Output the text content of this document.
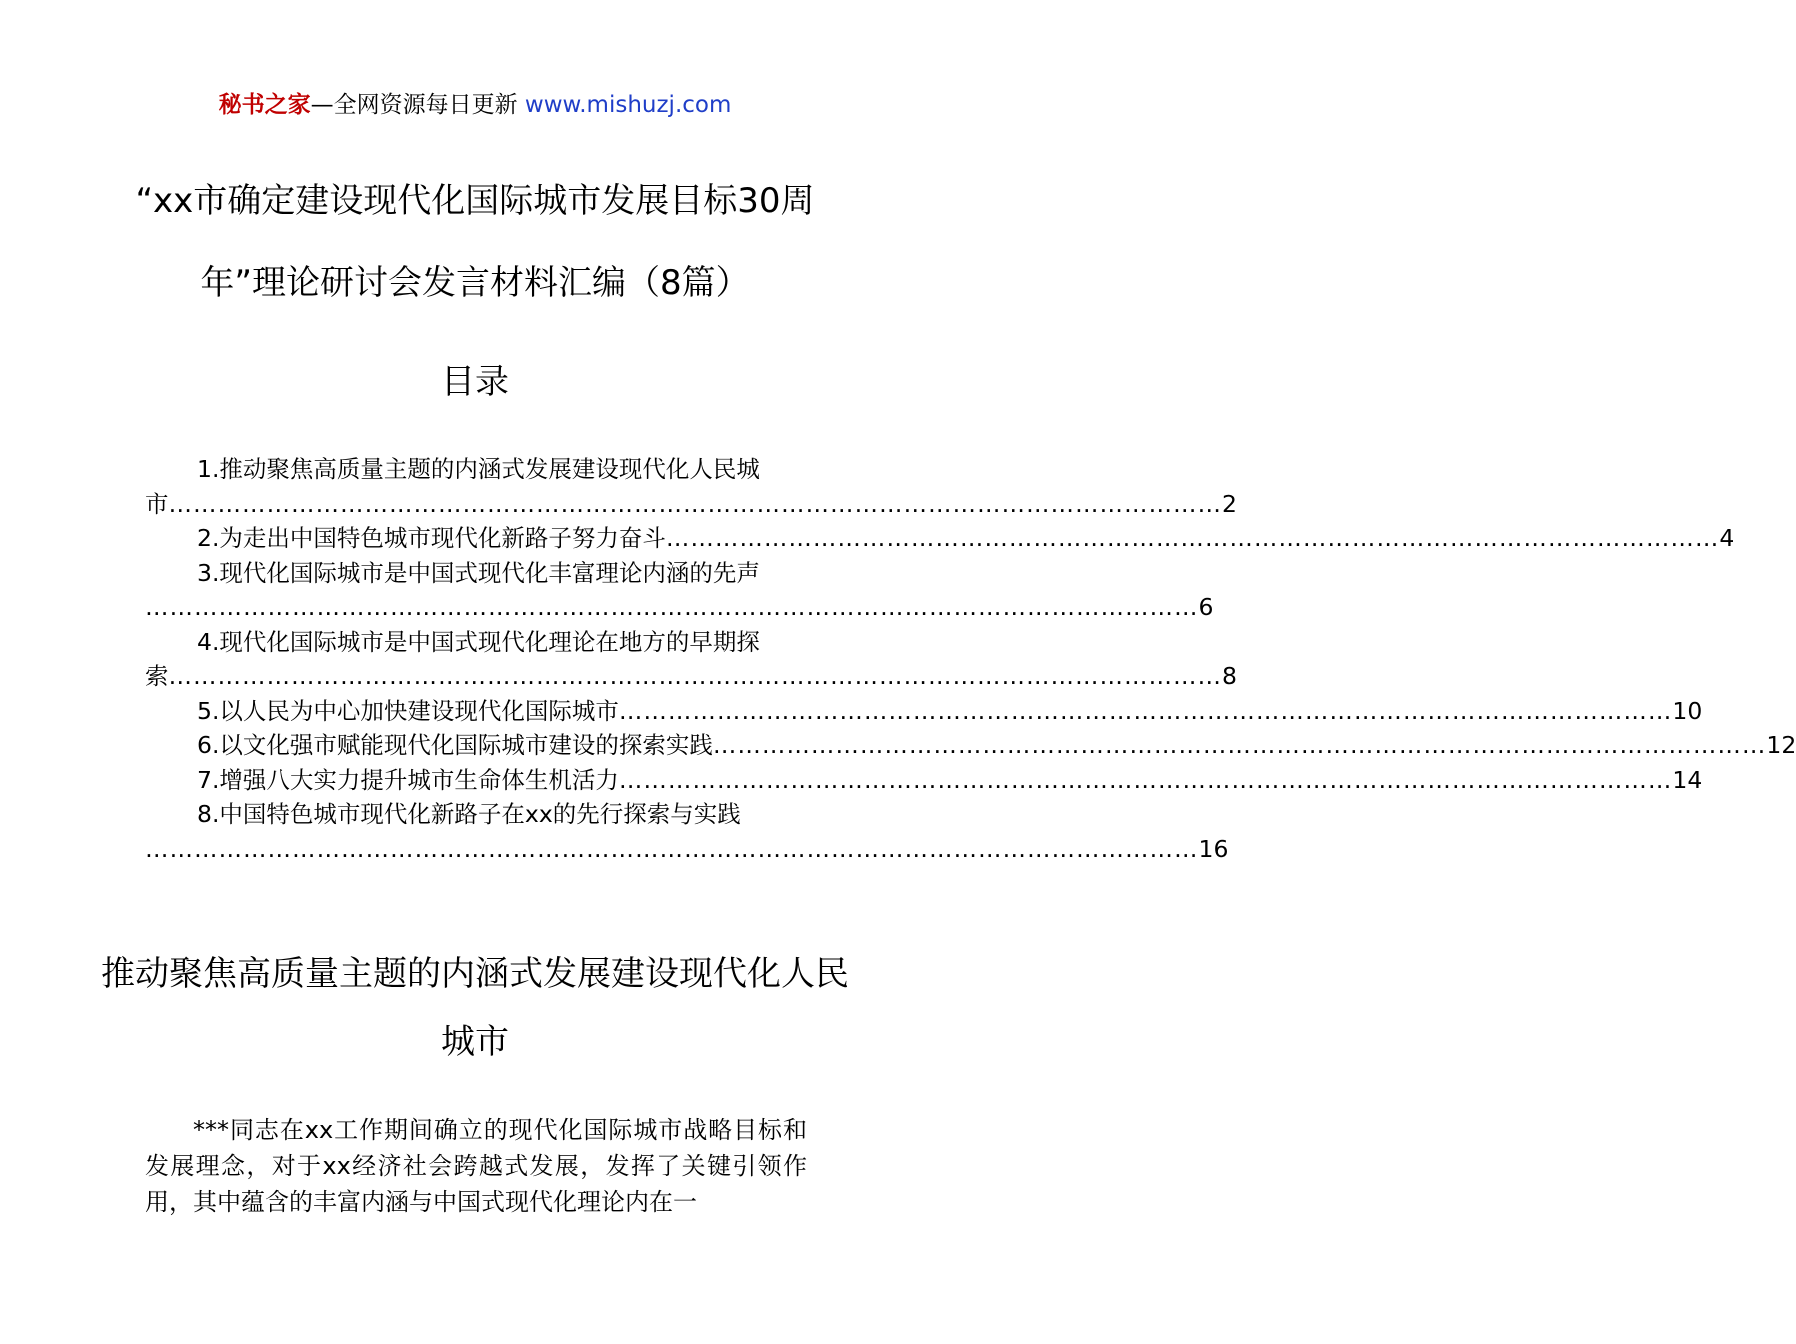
秘书之家—全网资源每日更新 www.mishuzj.com
“xx市确定建设现代化国际城市发展目标30周年”理论研讨会发言材料汇编（8篇）
目录
1.推动聚焦高质量主题的内涵式发展建设现代化人民城
市 ………………………………………………………………………………………………………………… 2
2.为走出中国特色城市现代化新路子努力奋斗 ………………………………………………………………………………………………………………… 4
3.现代化国际城市是中国式现代化丰富理论内涵的先声
………………………………………………………………………………………………………………… 6
4.现代化国际城市是中国式现代化理论在地方的早期探
索 ………………………………………………………………………………………………………………… 8
5.以人民为中心加快建设现代化国际城市 ………………………………………………………………………………………………………………… 10
6.以文化强市赋能现代化国际城市建设的探索实践 ………………………………………………………………………………………………………………… 12
7.增强八大实力提升城市生命体生机活力 ………………………………………………………………………………………………………………… 14
8.中国特色城市现代化新路子在xx的先行探索与实践
………………………………………………………………………………………………………………… 16
推动聚焦高质量主题的内涵式发展建设现代化人民城市
***同志在xx工作期间确立的现代化国际城市战略目标和发展理念，对于xx经济社会跨越式发展，发挥了关键引领作用，其中蕴含的丰富内涵与中国式现代化理论内在一
